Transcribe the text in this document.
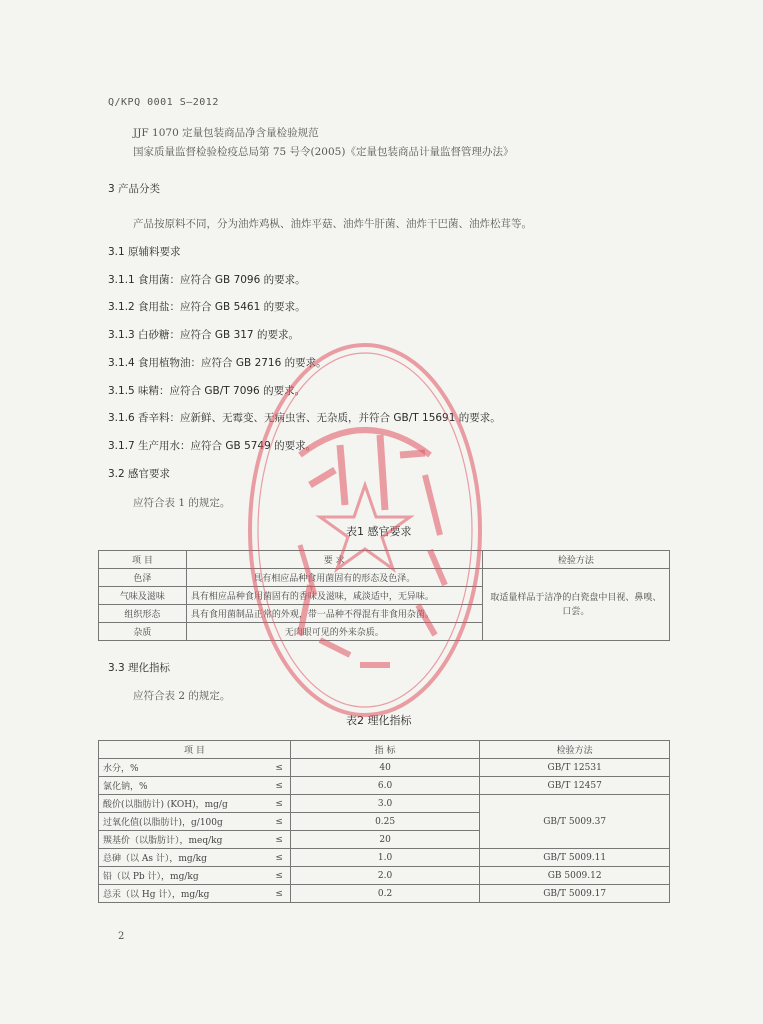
Q/KPQ 0001 S—2012
JJF 1070 定量包装商品净含量检验规范
国家质量监督检验检疫总局第 75 号令(2005)《定量包装商品计量监督管理办法》
3 产品分类
产品按原料不同，分为油炸鸡枞、油炸平菇、油炸牛肝菌、油炸干巴菌、油炸松茸等。
3.1 原辅料要求
3.1.1 食用菌：应符合 GB 7096 的要求。
3.1.2 食用盐：应符合 GB 5461 的要求。
3.1.3 白砂糖：应符合 GB 317 的要求。
3.1.4 食用植物油：应符合 GB 2716 的要求。
3.1.5 味精：应符合 GB/T 7096 的要求。
3.1.6 香辛料：应新鲜、无霉变、无病虫害、无杂质，并符合 GB/T 15691 的要求。
3.1.7 生产用水：应符合 GB 5749 的要求。
3.2 感官要求
应符合表 1 的规定。
表1 感官要求
项 目	要 求	检验方法
色泽	具有相应品种食用菌固有的形态及色泽。	取适量样品于洁净的白瓷盘中目视、鼻嗅、口尝。
气味及滋味	具有相应品种食用菌固有的香味及滋味，咸淡适中，无异味。	
组织形态	具有食用菌制品正常的外观，带一品种不得混有非食用杂菌。	
杂质	无肉眼可见的外来杂质。	
3.3 理化指标
应符合表 2 的规定。
表2 理化指标
项 目		指 标	检验方法
水分，%	≤	40	GB/T 12531
氯化钠，%	≤	6.0	GB/T 12457
酸价(以脂肪计) (KOH)，mg/g	≤	3.0	GB/T 5009.37
过氧化值(以脂肪计)，g/100g	≤	0.25	
羰基价（以脂肪计），meq/kg	≤	20	
总砷（以 As 计），mg/kg	≤	1.0	GB/T 5009.11
铅（以 Pb 计），mg/kg	≤	2.0	GB 5009.12
总汞（以 Hg 计），mg/kg	≤	0.2	GB/T 5009.17
2
